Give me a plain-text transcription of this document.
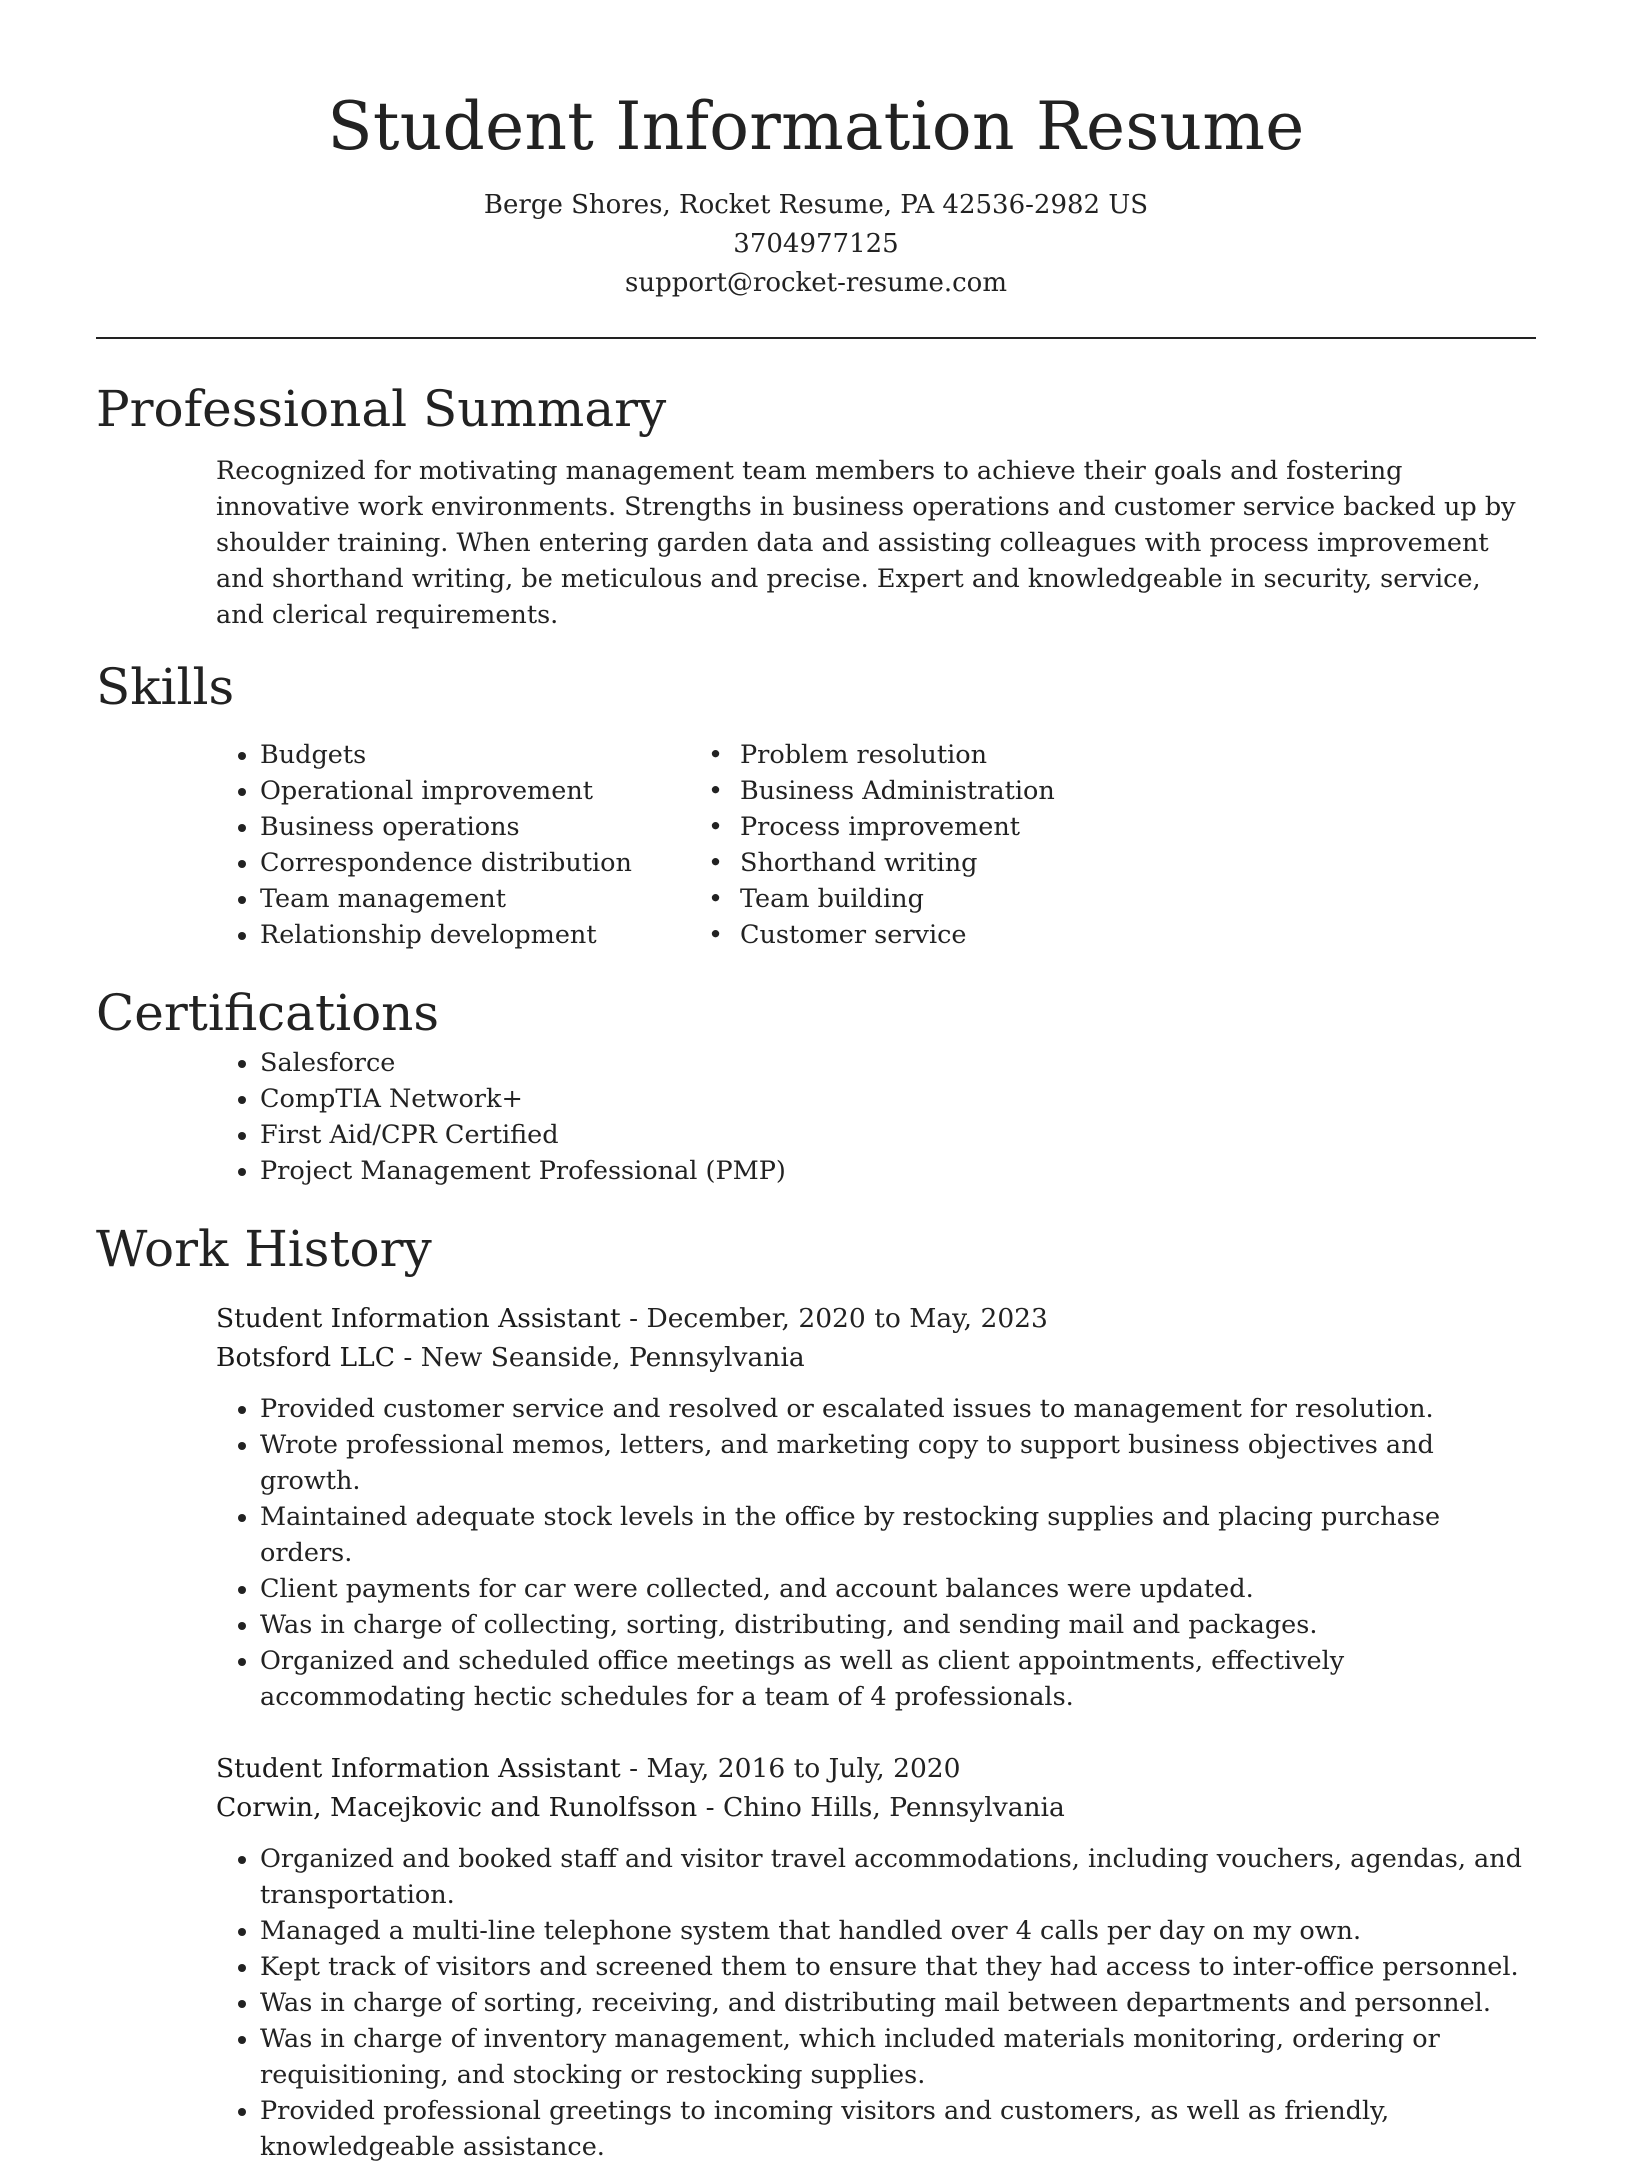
Student Information Resume
Berge Shores, Rocket Resume, PA 42536-2982 US
3704977125
support@rocket-resume.com
Professional Summary

Recognized for motivating management team members to achieve their goals and fostering innovative work environments. Strengths in business operations and customer service backed up by shoulder training. When entering garden data and assisting colleagues with process improvement and shorthand writing, be meticulous and precise. Expert and knowledgeable in security, service, and clerical requirements.

Skills
• Budgets
• Operational improvement
• Business operations
• Correspondence distribution
• Team management
• Relationship development
• Problem resolution
• Business Administration
• Process improvement
• Shorthand writing
• Team building
• Customer service
Certifications
• Salesforce
• CompTIA Network+
• First Aid/CPR Certified
• Project Management Professional (PMP)
Work History
Student Information Assistant - December, 2020 to May, 2023
Botsford LLC - New Seanside, Pennsylvania
• Provided customer service and resolved or escalated issues to management for resolution.
• Wrote professional memos, letters, and marketing copy to support business objectives and growth.
• Maintained adequate stock levels in the office by restocking supplies and placing purchase orders.
• Client payments for car were collected, and account balances were updated.
• Was in charge of collecting, sorting, distributing, and sending mail and packages.
• Organized and scheduled office meetings as well as client appointments, effectively accommodating hectic schedules for a team of 4 professionals.
Student Information Assistant - May, 2016 to July, 2020
Corwin, Macejkovic and Runolfsson - Chino Hills, Pennsylvania
• Organized and booked staff and visitor travel accommodations, including vouchers, agendas, and transportation.
• Managed a multi-line telephone system that handled over 4 calls per day on my own.
• Kept track of visitors and screened them to ensure that they had access to inter-office personnel.
• Was in charge of sorting, receiving, and distributing mail between departments and personnel.
• Was in charge of inventory management, which included materials monitoring, ordering or requisitioning, and stocking or restocking supplies.
• Provided professional greetings to incoming visitors and customers, as well as friendly, knowledgeable assistance.
